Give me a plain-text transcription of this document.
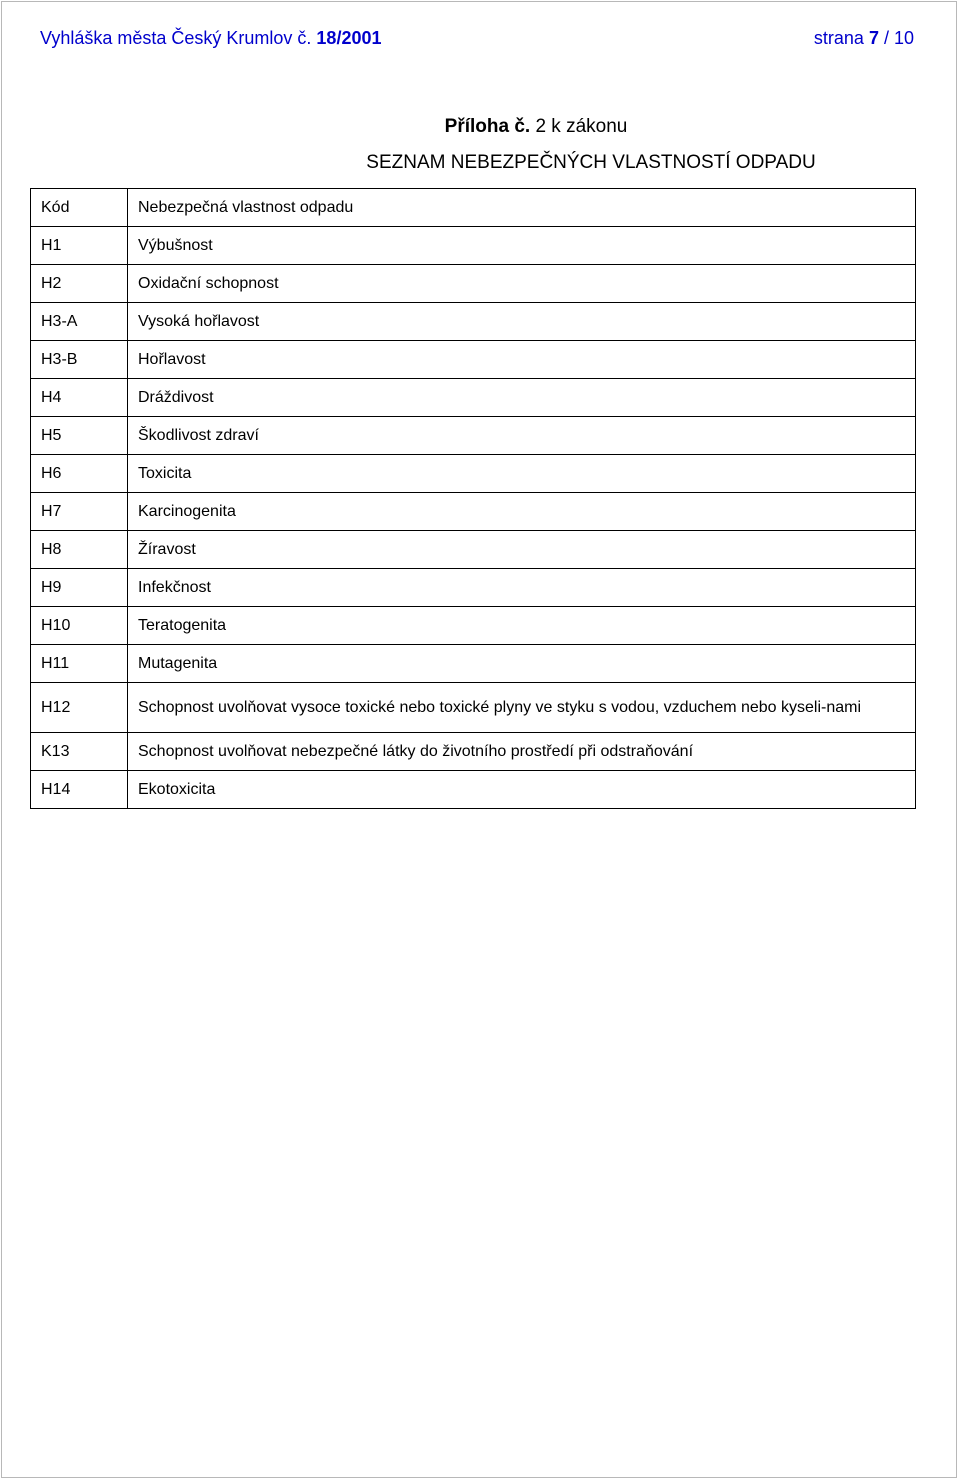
Vyhláška města Český Krumlov č. 18/2001	strana 7 / 10
Příloha č. 2 k zákonu
SEZNAM NEBEZPEČNÝCH VLASTNOSTÍ ODPADU
Kód	Nebezpečná vlastnost odpadu
H1	Výbušnost
H2	Oxidační schopnost
H3-A	Vysoká hořlavost
H3-B	Hořlavost
H4	Dráždivost
H5	Škodlivost zdraví
H6	Toxicita
H7	Karcinogenita
H8	Žíravost
H9	Infekčnost
H10	Teratogenita
H11	Mutagenita
H12	Schopnost uvolňovat vysoce toxické nebo toxické plyny ve styku s vodou, vzduchem nebo kyseli-nami
K13	Schopnost uvolňovat nebezpečné látky do životního prostředí při odstraňování
H14	Ekotoxicita
